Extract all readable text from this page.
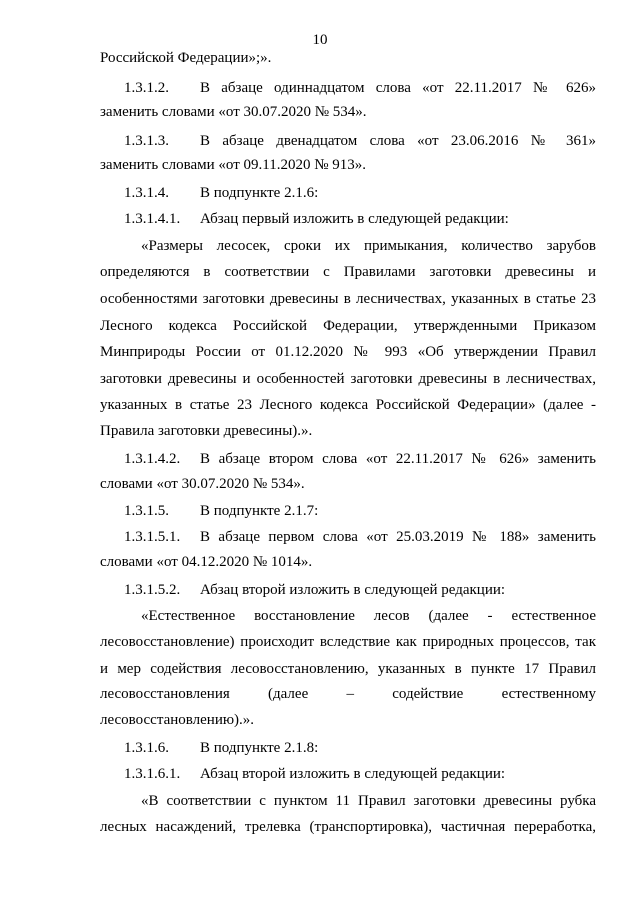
10
Российской Федерации»;».
1.3.1.2. В абзаце одиннадцатом слова «от 22.11.2017 № 626»
заменить словами «от 30.07.2020 № 534».
1.3.1.3. В абзаце двенадцатом слова «от 23.06.2016 № 361»
заменить словами «от 09.11.2020 № 913».
1.3.1.4. В подпункте 2.1.6:
1.3.1.4.1. Абзац первый изложить в следующей редакции:
«Размеры лесосек, сроки их примыкания, количество зарубов
определяются в соответствии с Правилами заготовки древесины и
особенностями заготовки древесины в лесничествах, указанных в статье 23
Лесного кодекса Российской Федерации, утвержденными Приказом
Минприроды России от 01.12.2020 № 993 «Об утверждении Правил
заготовки древесины и особенностей заготовки древесины в лесничествах,
указанных в статье 23 Лесного кодекса Российской Федерации» (далее -
Правила заготовки древесины).».
1.3.1.4.2. В абзаце втором слова «от 22.11.2017 № 626» заменить
словами «от 30.07.2020 № 534».
1.3.1.5. В подпункте 2.1.7:
1.3.1.5.1. В абзаце первом слова «от 25.03.2019 № 188» заменить
словами «от 04.12.2020 № 1014».
1.3.1.5.2. Абзац второй изложить в следующей редакции:
«Естественное восстановление лесов (далее - естественное
лесовосстановление) происходит вследствие как природных процессов, так
и мер содействия лесовосстановлению, указанных в пункте 17 Правил
лесовосстановления	(далее	–	содействие	естественному
лесовосстановлению).».
1.3.1.6. В подпункте 2.1.8:
1.3.1.6.1. Абзац второй изложить в следующей редакции:
«В соответствии с пунктом 11 Правил заготовки древесины рубка
лесных насаждений, трелевка (транспортировка), частичная переработка,
